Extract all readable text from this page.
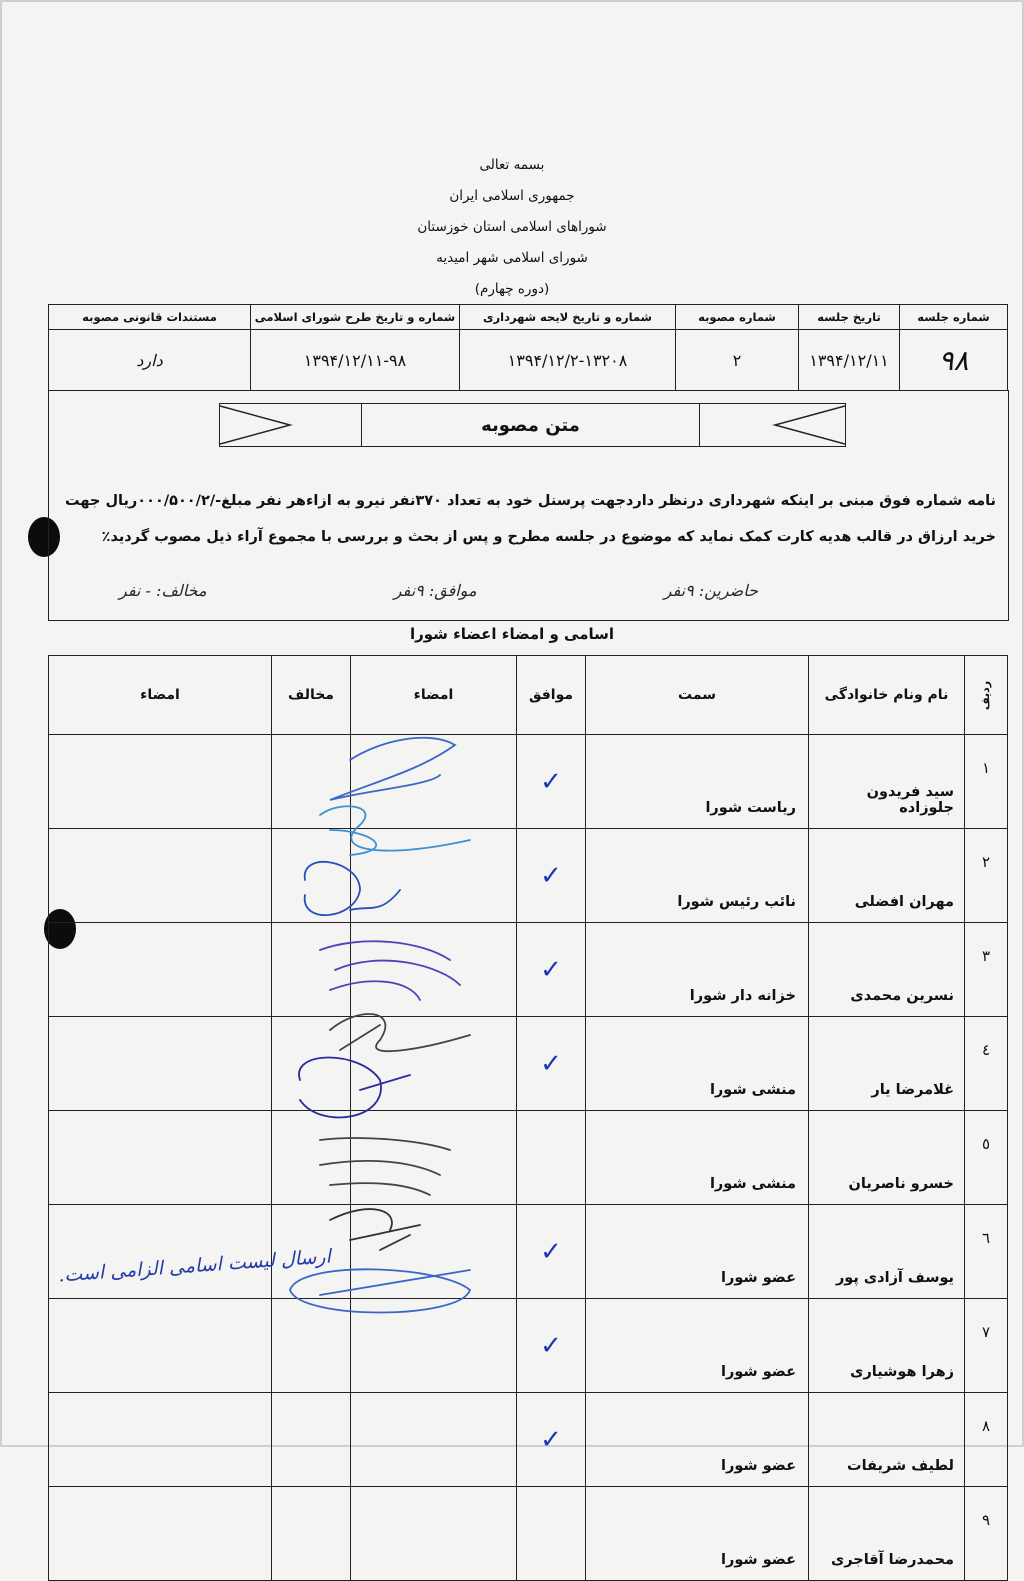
بسمه تعالی
جمهوری اسلامی ایران
شوراهای اسلامی استان خوزستان
شورای اسلامی شهر امیدیه
(دوره چهارم)
شماره جلسه	تاریخ جلسه	شماره مصوبه	شماره و تاریخ لایحه شهرداری	شماره و تاریخ طرح شورای اسلامی	مستندات قانونی مصوبه
۹۸	۱۳۹۴/۱۲/۱۱	۲	۱۳۹۴/۱۲/۲-۱۳۲۰۸	۱۳۹۴/۱۲/۱۱-۹۸	دارد
متن مصوبه
نامه شماره فوق مبنی بر اینکه شهرداری درنظر داردجهت پرسنل خود به تعداد ۳۷۰نفر نیرو به ازاءهر نفر مبلغ-/۰۰۰/۵۰۰/۲ریال جهت خرید ارزاق در قالب هدیه کارت کمک نماید که موضوع در جلسه مطرح و پس از بحث و بررسی با مجموع آراء ذیل مصوب گردید٪
حاضرین: ۹نفر
موافق: ۹نفر
مخالف: - نفر
اسامی و امضاء اعضاء شورا
ردیف	نام ونام خانوادگی	سمت	موافق	امضاء	مخالف	امضاء
۱	سید فریدون جلوزاده	ریاست شورا	✓			
۲	مهران افضلی	نائب رئیس شورا	✓			
۳	نسرین محمدی	خزانه دار شورا	✓			
٤	غلامرضا یار	منشی شورا	✓			
٥	خسرو ناصریان	منشی شورا				
٦	یوسف آزادی پور	عضو شورا	✓			
۷	زهرا هوشیاری	عضو شورا	✓			
۸	لطیف شریفات	عضو شورا	✓			
۹	محمدرضا آقاجری	عضو شورا				
ارسال لیست اسامی الزامی است.
